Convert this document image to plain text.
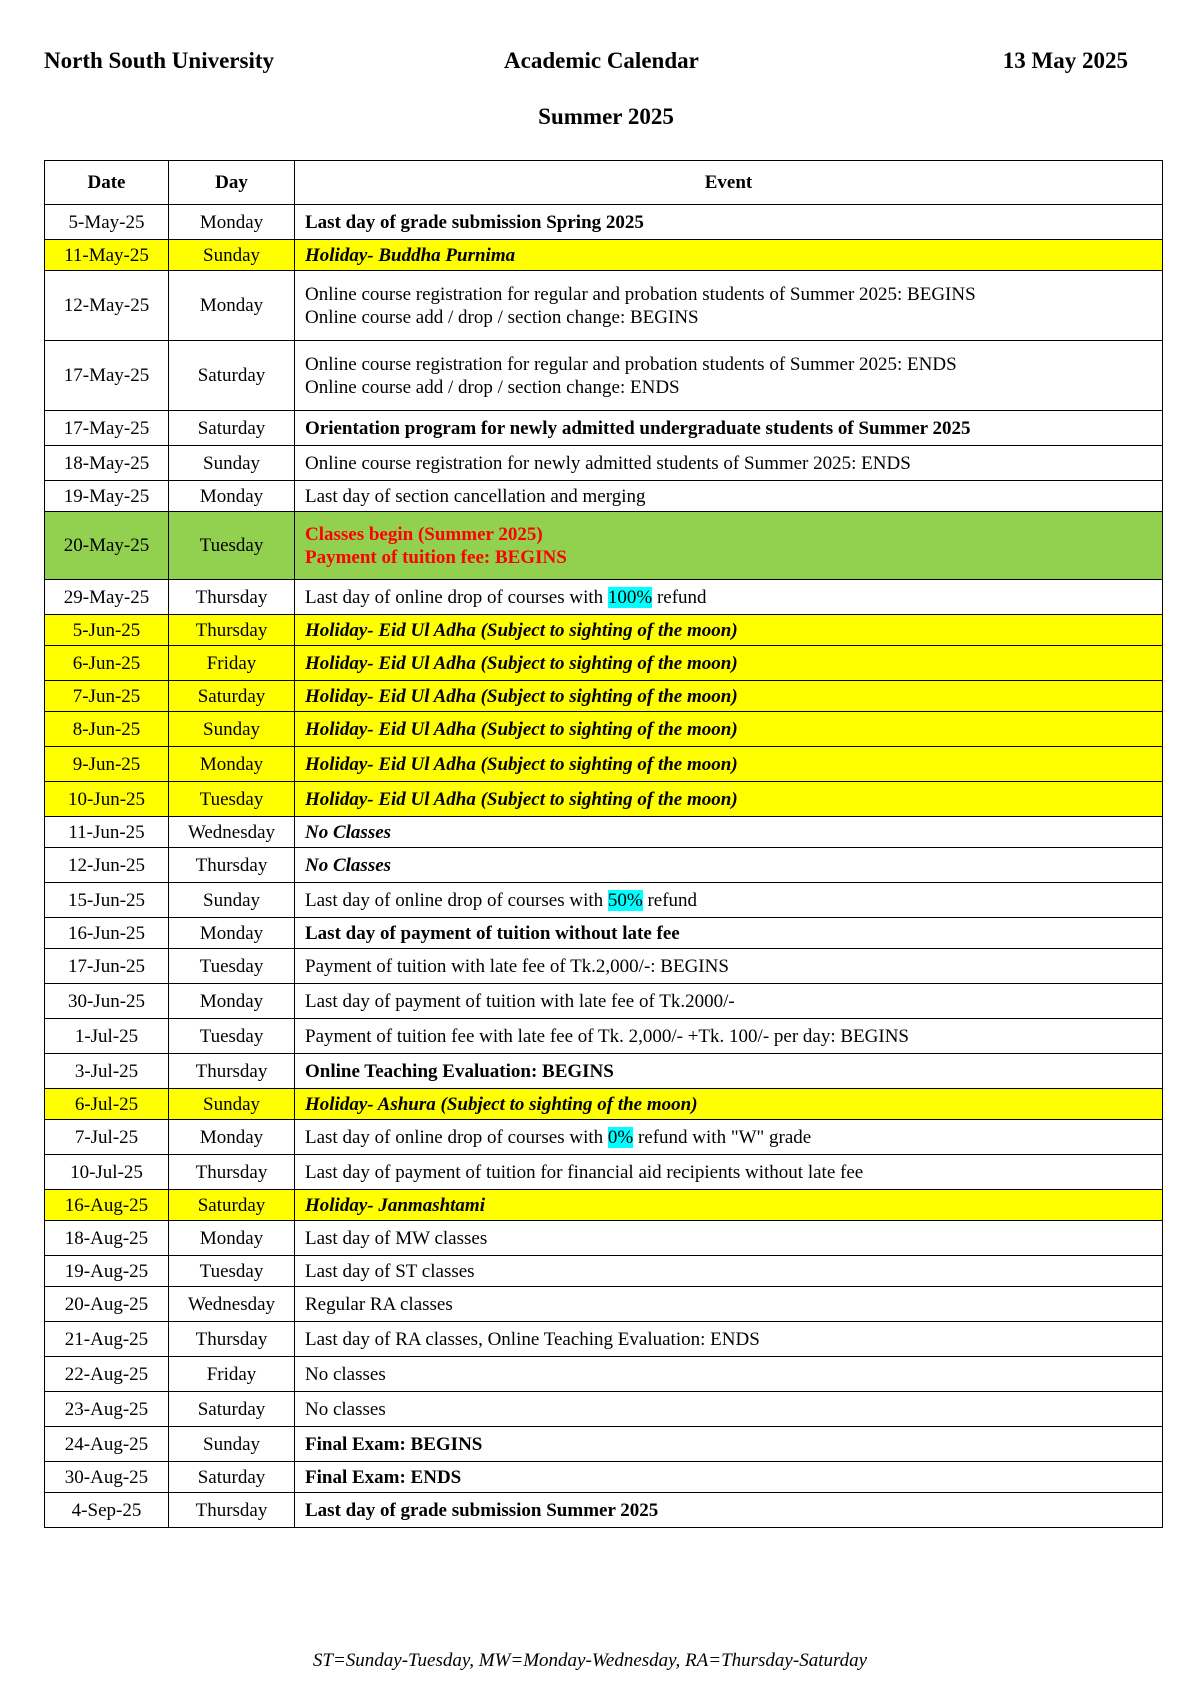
North South University	Academic Calendar	13 May 2025
Summer 2025
Date	Day	Event
5-May-25	Monday	Last day of grade submission Spring 2025
11-May-25	Sunday	Holiday- Buddha Purnima
12-May-25	Monday	Online course registration for regular and probation students of Summer 2025: BEGINS
Online course add / drop / section change: BEGINS

17-May-25	Saturday	Online course registration for regular and probation students of Summer 2025: ENDS
Online course add / drop / section change: ENDS

17-May-25	Saturday	Orientation program for newly admitted undergraduate students of Summer 2025
18-May-25	Sunday	Online course registration for newly admitted students of Summer 2025: ENDS
19-May-25	Monday	Last day of section cancellation and merging
20-May-25	Tuesday	Classes begin (Summer 2025)
Payment of tuition fee: BEGINS

29-May-25	Thursday	Last day of online drop of courses with 100% refund
5-Jun-25	Thursday	Holiday- Eid Ul Adha (Subject to sighting of the moon)
6-Jun-25	Friday	Holiday- Eid Ul Adha (Subject to sighting of the moon)
7-Jun-25	Saturday	Holiday- Eid Ul Adha (Subject to sighting of the moon)
8-Jun-25	Sunday	Holiday- Eid Ul Adha (Subject to sighting of the moon)
9-Jun-25	Monday	Holiday- Eid Ul Adha (Subject to sighting of the moon)
10-Jun-25	Tuesday	Holiday- Eid Ul Adha (Subject to sighting of the moon)
11-Jun-25	Wednesday	No Classes
12-Jun-25	Thursday	No Classes
15-Jun-25	Sunday	Last day of online drop of courses with 50% refund
16-Jun-25	Monday	Last day of payment of tuition without late fee
17-Jun-25	Tuesday	Payment of tuition with late fee of Tk.2,000/-: BEGINS
30-Jun-25	Monday	Last day of payment of tuition with late fee of Tk.2000/-
1-Jul-25	Tuesday	Payment of tuition fee with late fee of Tk. 2,000/- +Tk. 100/- per day: BEGINS
3-Jul-25	Thursday	Online Teaching Evaluation: BEGINS
6-Jul-25	Sunday	Holiday- Ashura (Subject to sighting of the moon)
7-Jul-25	Monday	Last day of online drop of courses with 0% refund with "W" grade
10-Jul-25	Thursday	Last day of payment of tuition for financial aid recipients without late fee
16-Aug-25	Saturday	Holiday- Janmashtami
18-Aug-25	Monday	Last day of MW classes
19-Aug-25	Tuesday	Last day of ST classes
20-Aug-25	Wednesday	Regular RA classes
21-Aug-25	Thursday	Last day of RA classes, Online Teaching Evaluation: ENDS
22-Aug-25	Friday	No classes
23-Aug-25	Saturday	No classes
24-Aug-25	Sunday	Final Exam: BEGINS
30-Aug-25	Saturday	Final Exam: ENDS
4-Sep-25	Thursday	Last day of grade submission Summer 2025
ST=Sunday-Tuesday, MW=Monday-Wednesday, RA=Thursday-Saturday
